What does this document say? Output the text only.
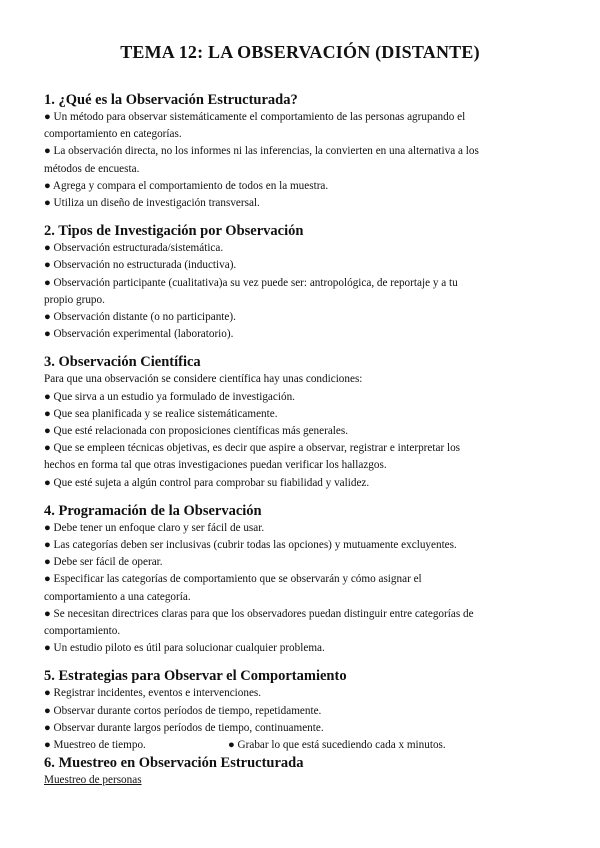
TEMA 12: LA OBSERVACIÓN (DISTANTE)
1. ¿Qué es la Observación Estructurada?

● Un método para observar sistemáticamente el comportamiento de las personas agrupando el

comportamiento en categorías.

● La observación directa, no los informes ni las inferencias, la convierten en una alternativa a los

métodos de encuesta.

● Agrega y compara el comportamiento de todos en la muestra.

● Utiliza un diseño de investigación transversal.

2. Tipos de Investigación por Observación

● Observación estructurada/sistemática.

● Observación no estructurada (inductiva).

● Observación participante (cualitativa)a su vez puede ser: antropológica, de reportaje y a tu

propio grupo.

● Observación distante (o no participante).

● Observación experimental (laboratorio).

3. Observación Científica

Para que una observación se considere científica hay unas condiciones:

● Que sirva a un estudio ya formulado de investigación.

● Que sea planificada y se realice sistemáticamente.

● Que esté relacionada con proposiciones científicas más generales.

● Que se empleen técnicas objetivas, es decir que aspire a observar, registrar e interpretar los

hechos en forma tal que otras investigaciones puedan verificar los hallazgos.

● Que esté sujeta a algún control para comprobar su fiabilidad y validez.

4. Programación de la Observación

● Debe tener un enfoque claro y ser fácil de usar.

● Las categorías deben ser inclusivas (cubrir todas las opciones) y mutuamente excluyentes.

● Debe ser fácil de operar.

● Especificar las categorías de comportamiento que se observarán y cómo asignar el

comportamiento a una categoría.

● Se necesitan directrices claras para que los observadores puedan distinguir entre categorías de

comportamiento.

● Un estudio piloto es útil para solucionar cualquier problema.

5. Estrategias para Observar el Comportamiento

● Registrar incidentes, eventos e intervenciones.

● Observar durante cortos períodos de tiempo, repetidamente.

● Observar durante largos períodos de tiempo, continuamente.

● Muestreo de tiempo.	● Grabar lo que está sucediendo cada x minutos.
6. Muestreo en Observación Estructurada

Muestreo de personas
